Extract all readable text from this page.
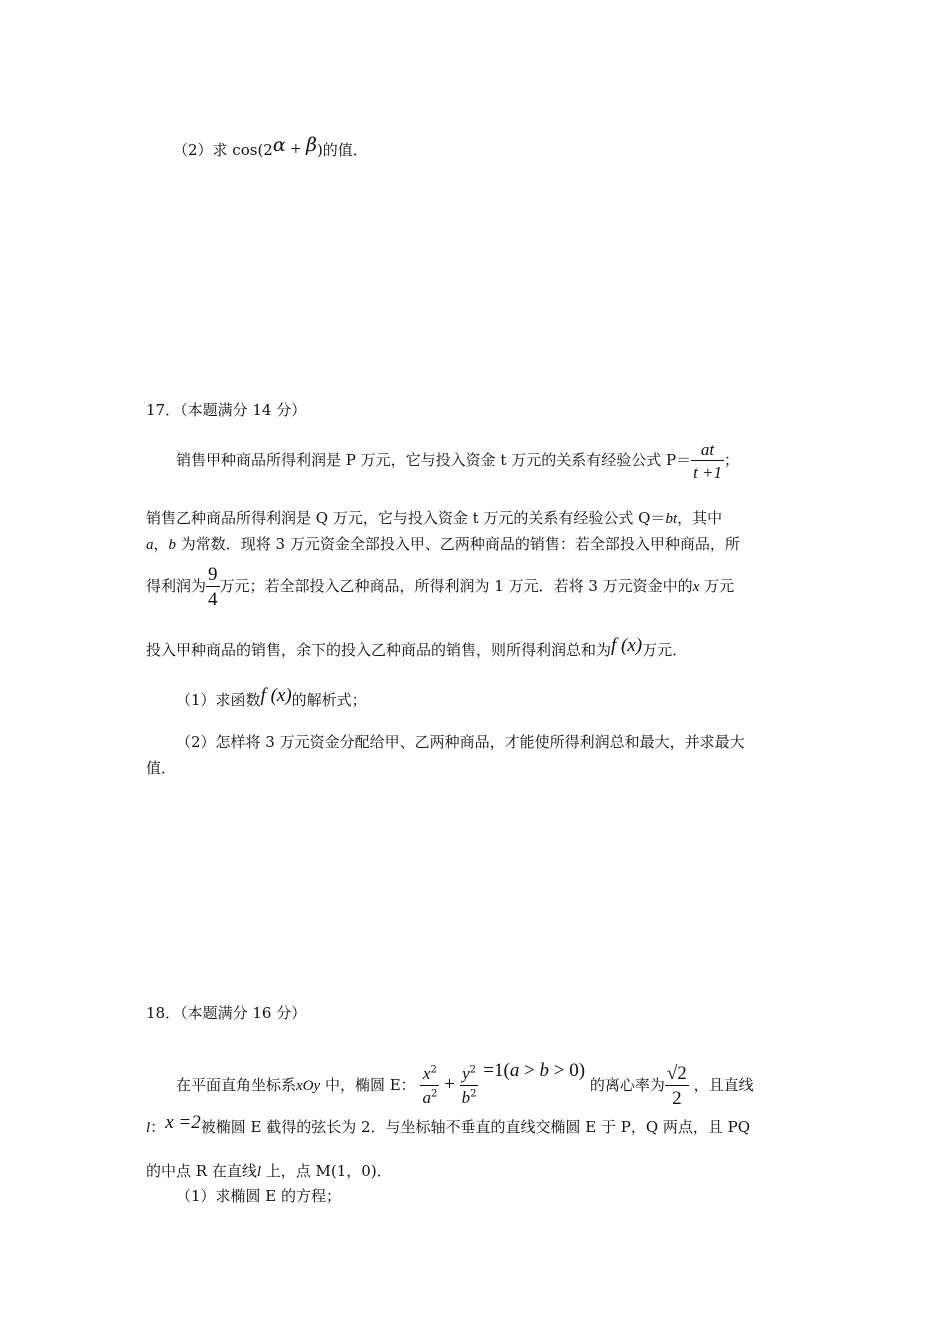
（2）求 cos(2α + β)的值．
17．（本题满分 14 分）
销售甲种商品所得利润是 P 万元，它与投入资金 t 万元的关系有经验公式 $P= \frac{at}{t +1}$ ；
销售乙种商品所得利润是 Q 万元，它与投入资金 t 万元的关系有经验公式 Q＝bt，其中
a，b 为常数．现将 3 万元资金全部投入甲、乙两种商品的销售：若全部投入甲种商品，所
得利润为 $\frac{9}{4}$ 万元；若全部投入乙种商品，所得利润为 1 万元．若将 3 万元资金中的x 万元
投入甲种商品的销售，余下的投入乙种商品的销售，则所得利润总和为f (x)万元．
（1）求函数f (x)的解析式；
（2）怎样将 3 万元资金分配给甲、乙两种商品，才能使所得利润总和最大，并求最大
值．
18．（本题满分 16 分）
在平面直角坐标系xOy 中，椭圆 E： $\frac{x^2}{a^2} + \frac{y^2}{b^2} =1(a > b > 0)$ 的离心率为 $\frac{√2}{2}$ ，且直线
l：x =2被椭圆 E 截得的弦长为 2．与坐标轴不垂直的直线交椭圆 E 于 P，Q 两点，且 PQ
的中点 R 在直线l 上，点 M(1，0)．
（1）求椭圆 E 的方程；
